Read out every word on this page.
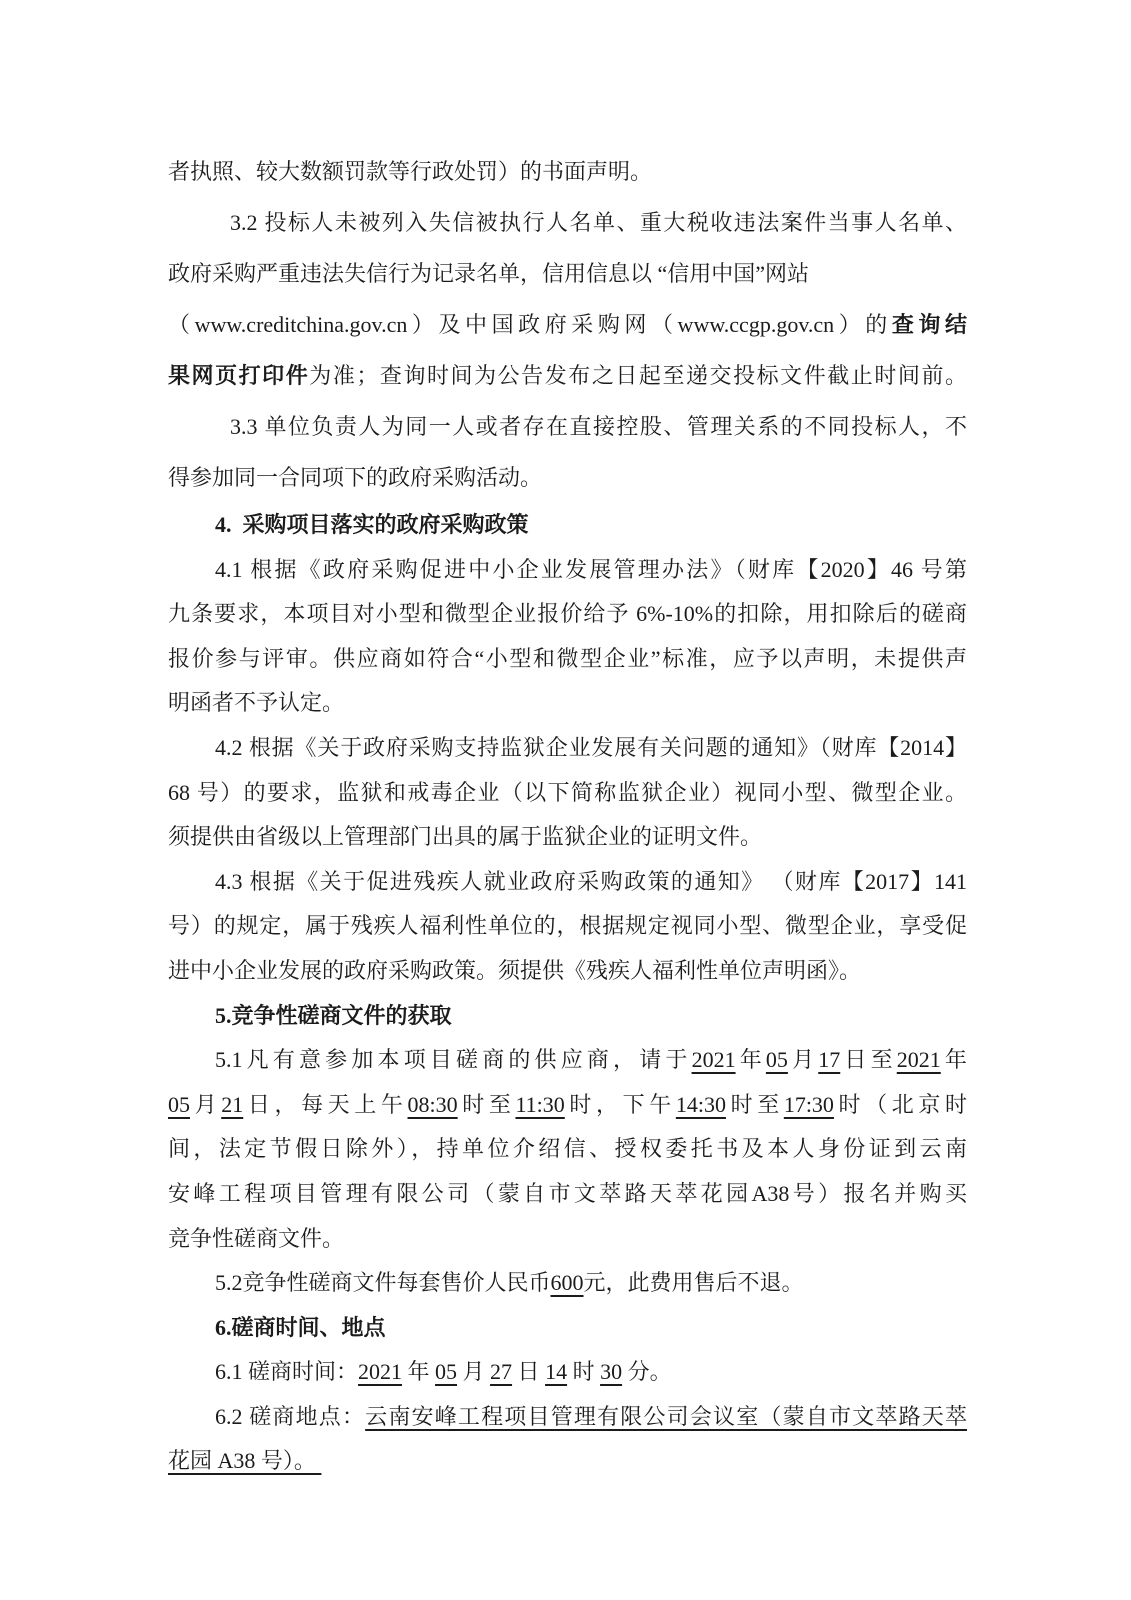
者执照、较大数额罚款等行政处罚）的书面声明。
3.2 投标人未被列入失信被执行人名单、重大税收违法案件当事人名单、
政府采购严重违法失信行为记录名单，信用信息以 “信用中国”网站
（www.creditchina.gov.cn）及中国政府采购网（www.ccgp.gov.cn）的查询结
果网页打印件为准；查询时间为公告发布之日起至递交投标文件截止时间前。
3.3 单位负责人为同一人或者存在直接控股、管理关系的不同投标人，不
得参加同一合同项下的政府采购活动。
4.  采购项目落实的政府采购政策
4.1 根据《政府采购促进中小企业发展管理办法》（财库【2020】46 号第
九条要求，本项目对小型和微型企业报价给予 6%-10%的扣除，用扣除后的磋商
报价参与评审。供应商如符合“小型和微型企业”标准，应予以声明，未提供声
明函者不予认定。
4.2 根据《关于政府采购支持监狱企业发展有关问题的通知》（财库【2014】
68 号）的要求，监狱和戒毒企业（以下简称监狱企业）视同小型、微型企业。
须提供由省级以上管理部门出具的属于监狱企业的证明文件。
4.3 根据《关于促进残疾人就业政府采购政策的通知》 （财库【2017】141
号）的规定，属于残疾人福利性单位的，根据规定视同小型、微型企业，享受促
进中小企业发展的政府采购政策。须提供《残疾人福利性单位声明函》。
5.竞争性磋商文件的获取
5.1凡有意参加本项目磋商的供应商，请于2021年05月17日至2021年
05月21日，每天上午08:30时至11:30时，下午14:30时至17:30时（北京时
间，法定节假日除外），持单位介绍信、授权委托书及本人身份证到云南
安峰工程项目管理有限公司（蒙自市文萃路天萃花园A38号）报名并购买
竞争性磋商文件。
5.2竞争性磋商文件每套售价人民币600元，此费用售后不退。
6.磋商时间、地点
6.1 磋商时间：2021 年 05 月 27 日 14 时 30 分。
6.2 磋商地点：云南安峰工程项目管理有限公司会议室（蒙自市文萃路天萃
花园 A38 号）。
